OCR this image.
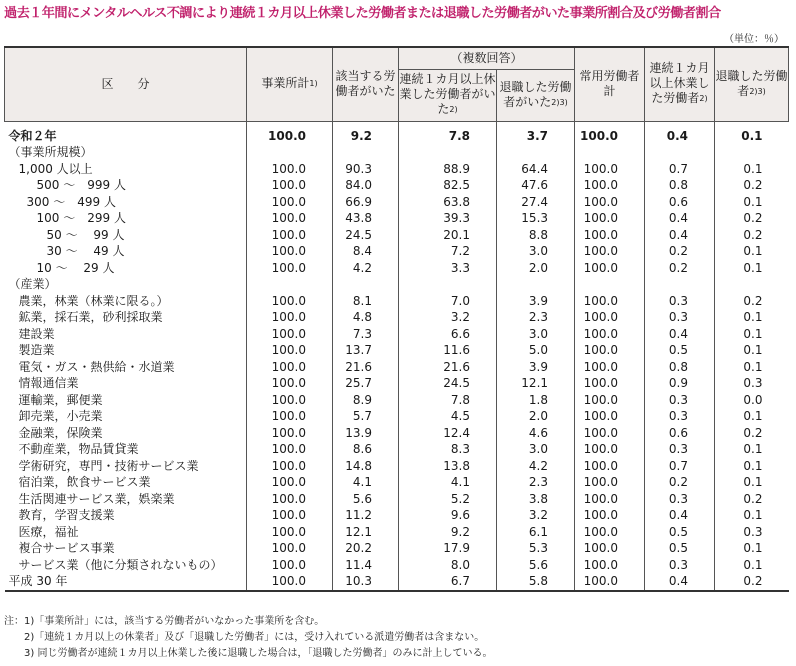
過去１年間にメンタルヘルス不調により連続１カ月以上休業した労働者または退職した労働者がいた事業所割合及び労働者割合
（単位：％）
区　　分	事業所計$^{1)}$	該当する労働者がいた	（複数回答）		常用労働者計	連続１カ月以上休業した労働者$^{2)}$	退職した労働者$^{2)3)}$
			連続１カ月以上休業した労働者がいた$^{2)}$	退職した労働者がいた$^{2)3)}$
令和２年	100.0	9.2	7.8	3.7	100.0	0.4	0.1
（事業所規模）							
1,000 人以上	100.0	90.3	88.9	64.4	100.0	0.7	0.1
500 ～　999 人	100.0	84.0	82.5	47.6	100.0	0.8	0.2
300 ～　499 人	100.0	66.9	63.8	27.4	100.0	0.6	0.1
100 ～　299 人	100.0	43.8	39.3	15.3	100.0	0.4	0.2
50 ～　 99 人	100.0	24.5	20.1	8.8	100.0	0.4	0.2
30 ～　 49 人	100.0	8.4	7.2	3.0	100.0	0.2	0.1
10 ～　 29 人	100.0	4.2	3.3	2.0	100.0	0.2	0.1
（産業）							
農業，林業（林業に限る。）	100.0	8.1	7.0	3.9	100.0	0.3	0.2
鉱業，採石業，砂利採取業	100.0	4.8	3.2	2.3	100.0	0.3	0.1
建設業	100.0	7.3	6.6	3.0	100.0	0.4	0.1
製造業	100.0	13.7	11.6	5.0	100.0	0.5	0.1
電気・ガス・熱供給・水道業	100.0	21.6	21.6	3.9	100.0	0.8	0.1
情報通信業	100.0	25.7	24.5	12.1	100.0	0.9	0.3
運輸業，郵便業	100.0	8.9	7.8	1.8	100.0	0.3	0.0
卸売業，小売業	100.0	5.7	4.5	2.0	100.0	0.3	0.1
金融業，保険業	100.0	13.9	12.4	4.6	100.0	0.6	0.2
不動産業，物品賃貸業	100.0	8.6	8.3	3.0	100.0	0.3	0.1
学術研究，専門・技術サービス業	100.0	14.8	13.8	4.2	100.0	0.7	0.1
宿泊業，飲食サービス業	100.0	4.1	4.1	2.3	100.0	0.2	0.1
生活関連サービス業，娯楽業	100.0	5.6	5.2	3.8	100.0	0.3	0.2
教育，学習支援業	100.0	11.2	9.6	3.2	100.0	0.4	0.1
医療，福祉	100.0	12.1	9.2	6.1	100.0	0.5	0.3
複合サービス事業	100.0	20.2	17.9	5.3	100.0	0.5	0.1
サービス業（他に分類されないもの）	100.0	11.4	8.0	5.6	100.0	0.3	0.1
平成 30 年	100.0	10.3	6.7	5.8	100.0	0.4	0.2
注：1)「事業所計」には，該当する労働者がいなかった事業所を含む。
　　2)「連続１カ月以上の休業者」及び「退職した労働者」には，受け入れている派遣労働者は含まない。
　　3) 同じ労働者が連続１カ月以上休業した後に退職した場合は，「退職した労働者」のみに計上している。
